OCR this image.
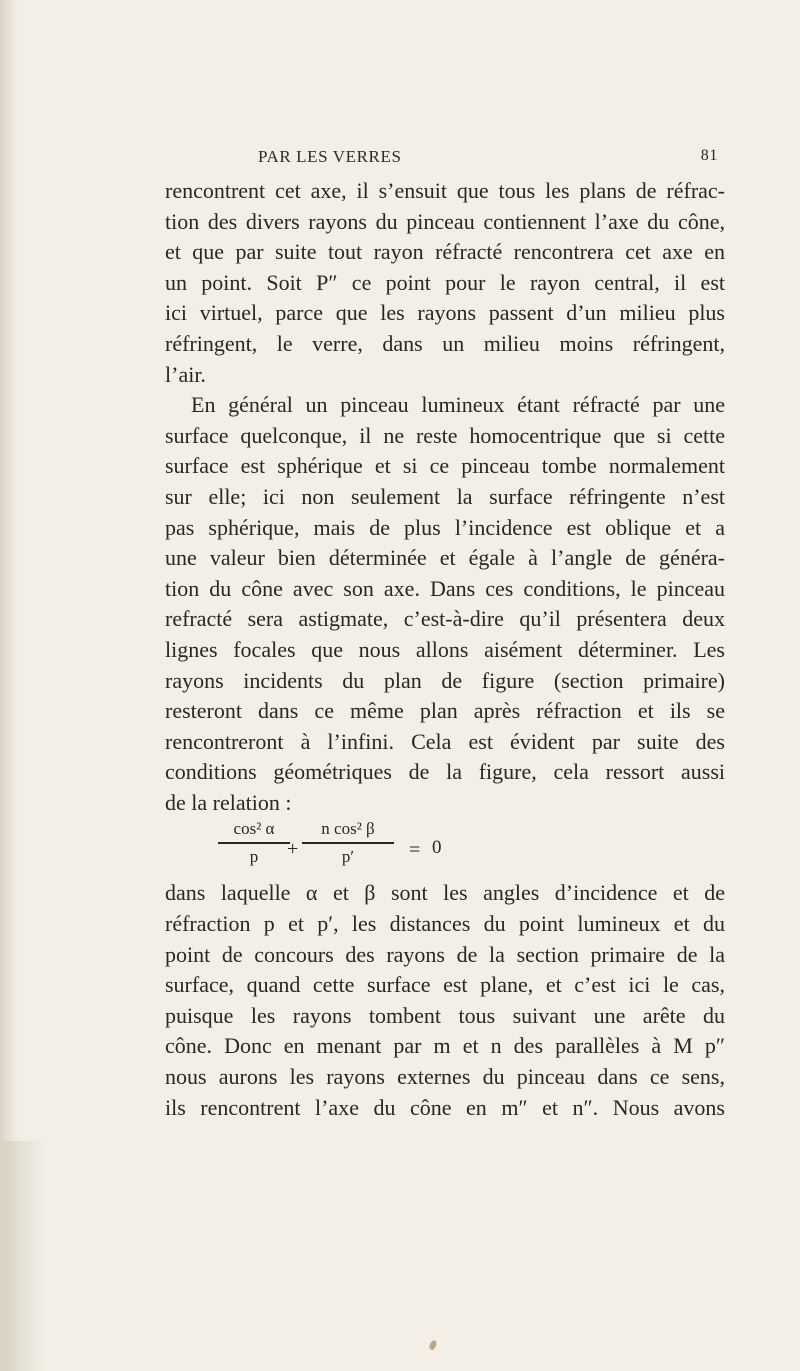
PAR LES VERRES	81
rencontrent cet axe, il s’ensuit que tous les plans de réfrac-
tion des divers rayons du pinceau contiennent l’axe du cône,
et que par suite tout rayon réfracté rencontrera cet axe en
un point. Soit P″ ce point pour le rayon central, il est
ici virtuel, parce que les rayons passent d’un milieu plus
réfringent, le verre, dans un milieu moins réfringent,
l’air.
En général un pinceau lumineux étant réfracté par une
surface quelconque, il ne reste homocentrique que si cette
surface est sphérique et si ce pinceau tombe normalement
sur elle; ici non seulement la surface réfringente n’est
pas sphérique, mais de plus l’incidence est oblique et a
une valeur bien déterminée et égale à l’angle de généra-
tion du cône avec son axe. Dans ces conditions, le pinceau
refracté sera astigmate, c’est-à-dire qu’il présentera deux
lignes focales que nous allons aisément déterminer. Les
rayons incidents du plan de figure (section primaire)
resteront dans ce même plan après réfraction et ils se
rencontreront à l’infini. Cela est évident par suite des
conditions géométriques de la figure, cela ressort aussi
de la relation :
cos² α
p	+
n cos² β
p′	= 0
dans laquelle α et β sont les angles d’incidence et de
réfraction p et p′, les distances du point lumineux et du
point de concours des rayons de la section primaire de la
surface, quand cette surface est plane, et c’est ici le cas,
puisque les rayons tombent tous suivant une arête du
cône. Donc en menant par m et n des parallèles à M p″
nous aurons les rayons externes du pinceau dans ce sens,
ils rencontrent l’axe du cône en m″ et n″. Nous avons
